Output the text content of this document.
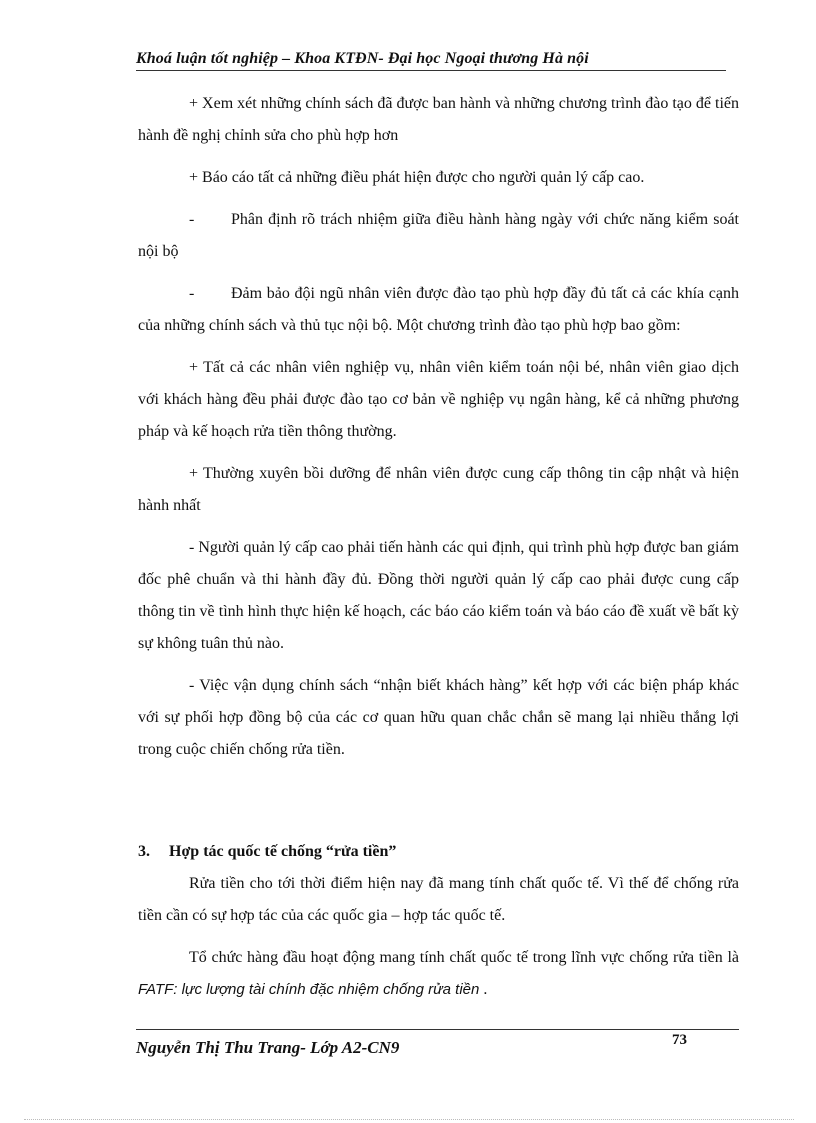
Khoá luận tốt nghiệp – Khoa KTĐN- Đại học Ngoại thương Hà nội

+ Xem xét những chính sách đã được ban hành và những chương trình đào tạo để tiến hành đề nghị chỉnh sửa cho phù hợp hơn

+ Báo cáo tất cả những điều phát hiện được cho người quản lý cấp cao.

- Phân định rõ trách nhiệm giữa điều hành hàng ngày với chức năng kiểm soát nội bộ

- Đảm bảo đội ngũ nhân viên được đào tạo phù hợp đầy đủ tất cả các khía cạnh của những chính sách và thủ tục nội bộ. Một chương trình đào tạo phù hợp bao gồm:

+ Tất cả các nhân viên nghiệp vụ, nhân viên kiểm toán nội bé, nhân viên giao dịch với khách hàng đều phải được đào tạo cơ bản về nghiệp vụ ngân hàng, kể cả những phương pháp và kế hoạch rửa tiền thông thường.

+ Thường xuyên bồi dưỡng để nhân viên được cung cấp thông tin cập nhật và hiện hành nhất

- Người quản lý cấp cao phải tiến hành các qui định, qui trình phù hợp được ban giám đốc phê chuẩn và thi hành đầy đủ. Đồng thời người quản lý cấp cao phải được cung cấp thông tin về tình hình thực hiện kế hoạch, các báo cáo kiểm toán và báo cáo đề xuất về bất kỳ sự không tuân thủ nào.

- Việc vận dụng chính sách “nhận biết khách hàng” kết hợp với các biện pháp khác với sự phối hợp đồng bộ của các cơ quan hữu quan chắc chắn sẽ mang lại nhiều thắng lợi trong cuộc chiến chống rửa tiền.

3. Hợp tác quốc tế chống “rửa tiền”

Rửa tiền cho tới thời điểm hiện nay đã mang tính chất quốc tế. Vì thế để chống rửa tiền cần có sự hợp tác của các quốc gia – hợp tác quốc tế.

Tổ chức hàng đầu hoạt động mang tính chất quốc tế trong lĩnh vực chống rửa tiền là FATF: lực lượng tài chính đặc nhiệm chống rửa tiền .

73
Nguyễn Thị Thu Trang- Lớp A2-CN9
